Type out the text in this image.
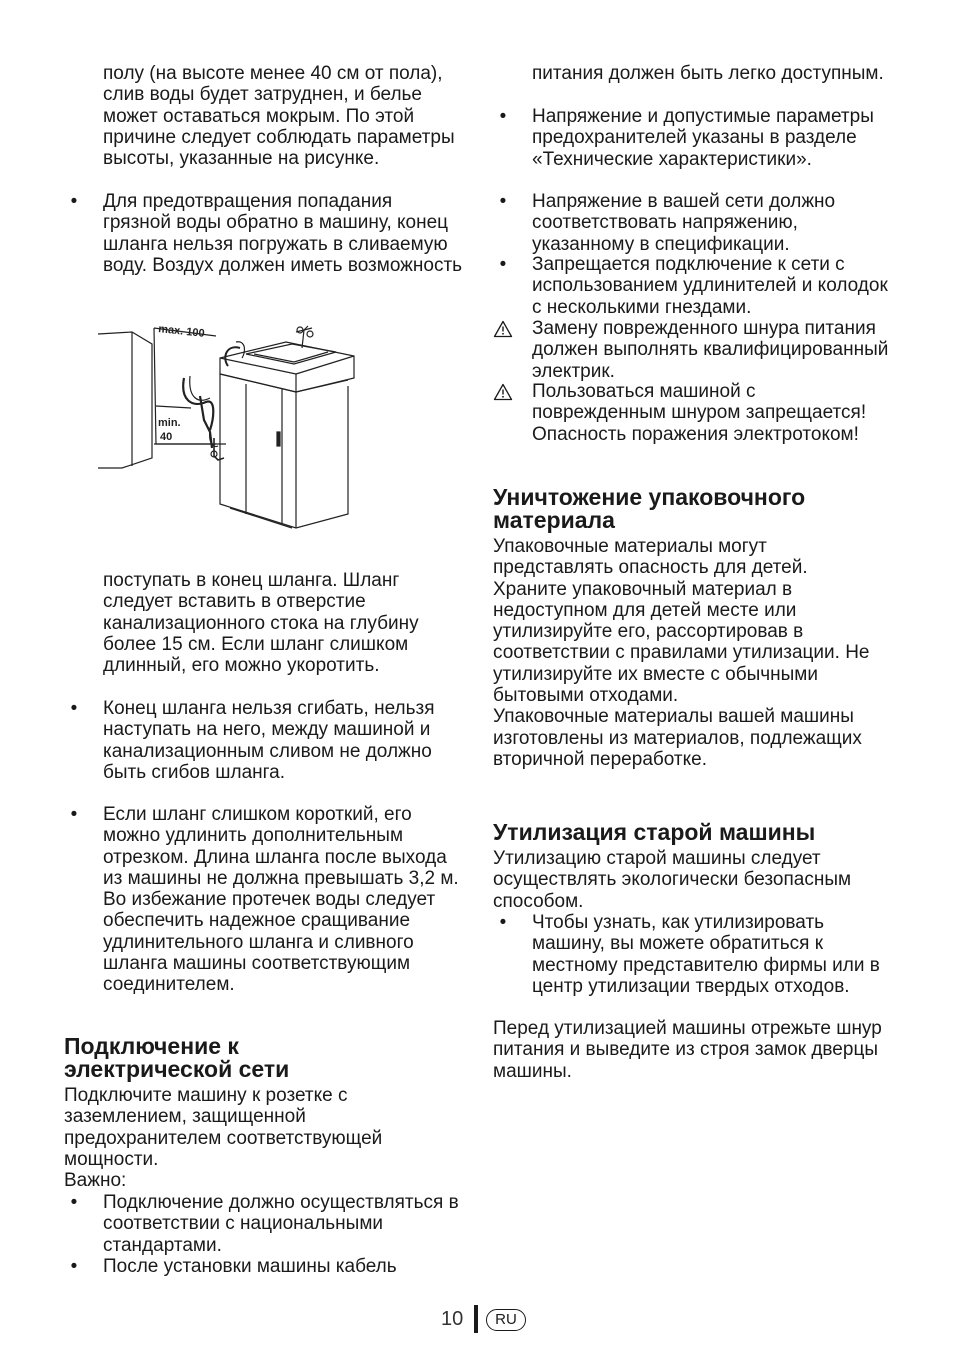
полу (на высоте менее 40 см от пола), слив воды будет затруднен, и белье может оставаться мокрым. По этой причине следует соблюдать параметры высоты, указанные на рисунке.
•	Для предотвращения попадания грязной воды обратно в машину, конец шланга нельзя погружать в сливаемую воду. Воздух должен иметь возможность
поступать в конец шланга. Шланг следует вставить в отверстие канализационного стока на глубину более 15 см. Если шланг слишком длинный, его можно укоротить.
•	Конец шланга нельзя сгибать, нельзя наступать на него, между машиной и канализационным сливом не должно быть сгибов шланга.
•	Если шланг слишком короткий, его можно удлинить дополнительным отрезком. Длина шланга после выхода из машины не должна превышать 3,2 м. Во избежание протечек воды следует обеспечить надежное сращивание удлинительного шланга и сливного шланга машины соответствующим соединителем.
Подключение к электрической сети
Подключите машину к розетке с заземлением, защищенной предохранителем соответствующей мощности.
Важно:
•	Подключение должно осуществляться в соответствии с национальными стандартами.
•	После установки машины кабель
max. 100
min.
40
питания должен быть легко доступным.
•	Напряжение и допустимые параметры предохранителей указаны в разделе «Технические характеристики».
•	Напряжение в вашей сети должно соответствовать напряжению, указанному в спецификации.
•	Запрещается подключение к сети с использованием удлинителей и колодок с несколькими гнездами.
Замену поврежденного шнура питания должен выполнять квалифицированный электрик.
Пользоваться машиной с поврежденным шнуром запрещается! Опасность поражения электротоком!
Уничтожение упаковочного материала
Упаковочные материалы могут представлять опасность для детей. Храните упаковочный материал в недоступном для детей месте или утилизируйте его, рассортировав в соответствии с правилами утилизации. Не утилизируйте их вместе с обычными бытовыми отходами.
Упаковочные материалы вашей машины изготовлены из материалов, подлежащих вторичной переработке.
Утилизация старой машины
Утилизацию старой машины следует осуществлять экологически безопасным способом.
•	Чтобы узнать, как утилизировать машину, вы можете обратиться к местному представителю фирмы или в центр утилизации твердых отходов.
Перед утилизацией машины отрежьте шнур питания и выведите из строя замок дверцы машины.
10	RU
